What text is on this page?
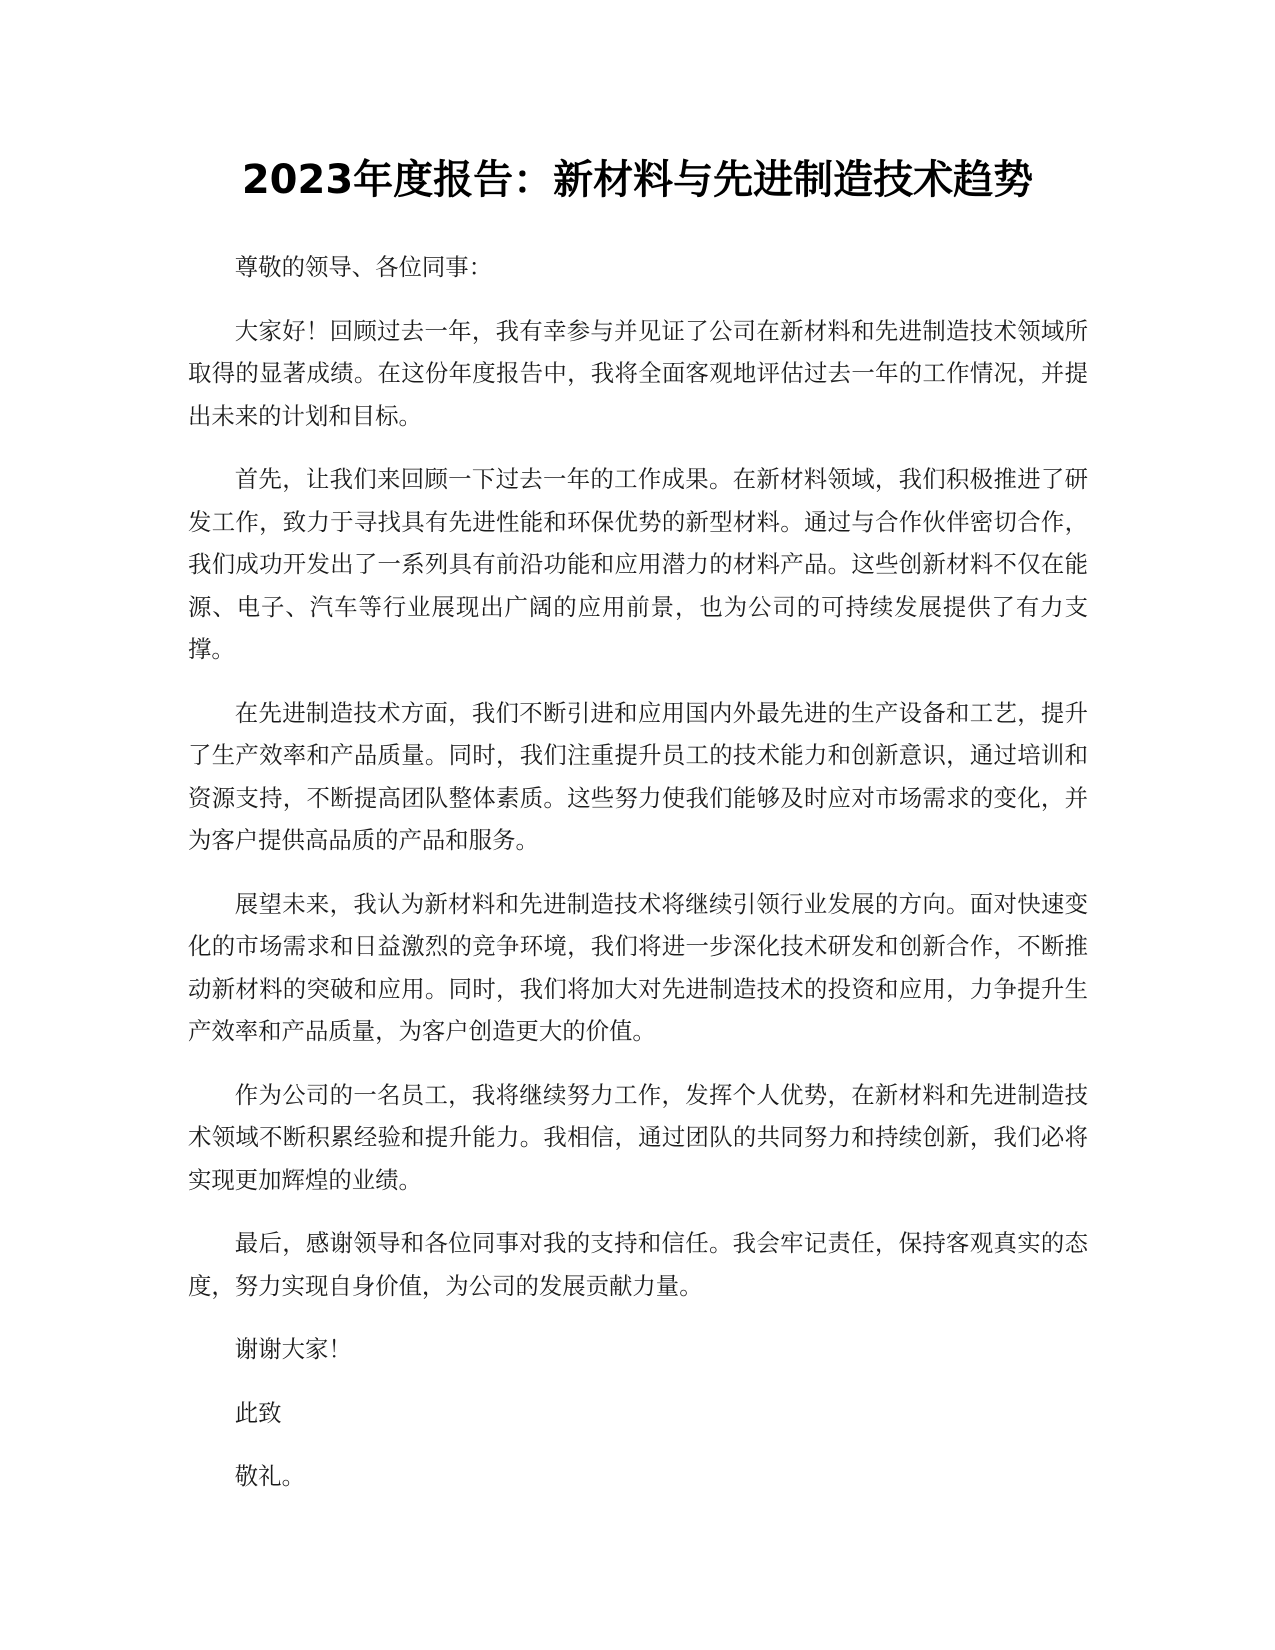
2023年度报告：新材料与先进制造技术趋势

尊敬的领导、各位同事：

大家好！回顾过去一年，我有幸参与并见证了公司在新材料和先进制造技术领域所取得的显著成绩。在这份年度报告中，我将全面客观地评估过去一年的工作情况，并提出未来的计划和目标。

首先，让我们来回顾一下过去一年的工作成果。在新材料领域，我们积极推进了研发工作，致力于寻找具有先进性能和环保优势的新型材料。通过与合作伙伴密切合作，我们成功开发出了一系列具有前沿功能和应用潜力的材料产品。这些创新材料不仅在能源、电子、汽车等行业展现出广阔的应用前景，也为公司的可持续发展提供了有力支撑。

在先进制造技术方面，我们不断引进和应用国内外最先进的生产设备和工艺，提升了生产效率和产品质量。同时，我们注重提升员工的技术能力和创新意识，通过培训和资源支持，不断提高团队整体素质。这些努力使我们能够及时应对市场需求的变化，并为客户提供高品质的产品和服务。

展望未来，我认为新材料和先进制造技术将继续引领行业发展的方向。面对快速变化的市场需求和日益激烈的竞争环境，我们将进一步深化技术研发和创新合作，不断推动新材料的突破和应用。同时，我们将加大对先进制造技术的投资和应用，力争提升生产效率和产品质量，为客户创造更大的价值。

作为公司的一名员工，我将继续努力工作，发挥个人优势，在新材料和先进制造技术领域不断积累经验和提升能力。我相信，通过团队的共同努力和持续创新，我们必将实现更加辉煌的业绩。

最后，感谢领导和各位同事对我的支持和信任。我会牢记责任，保持客观真实的态度，努力实现自身价值，为公司的发展贡献力量。

谢谢大家！

此致

敬礼。
